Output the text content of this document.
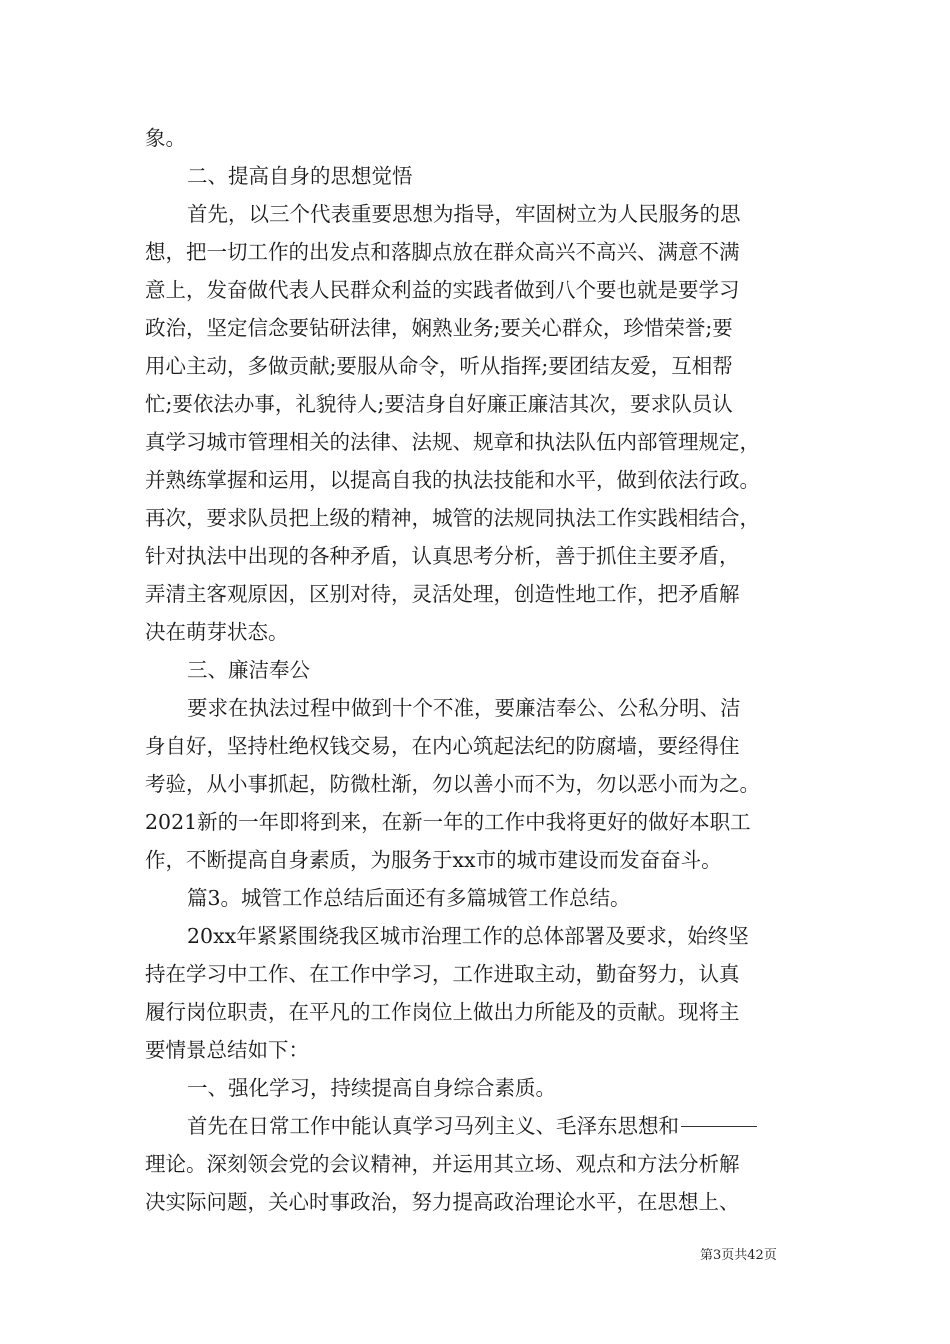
象。
二、提高自身的思想觉悟
首先，以三个代表重要思想为指导，牢固树立为人民服务的思
想，把一切工作的出发点和落脚点放在群众高兴不高兴、满意不满
意上，发奋做代表人民群众利益的实践者做到八个要也就是要学习
政治，坚定信念要钻研法律，娴熟业务;要关心群众，珍惜荣誉;要
用心主动，多做贡献;要服从命令，听从指挥;要团结友爱，互相帮
忙;要依法办事，礼貌待人;要洁身自好廉正廉洁其次，要求队员认
真学习城市管理相关的法律、法规、规章和执法队伍内部管理规定，
并熟练掌握和运用，以提高自我的执法技能和水平，做到依法行政。
再次，要求队员把上级的精神，城管的法规同执法工作实践相结合，
针对执法中出现的各种矛盾，认真思考分析，善于抓住主要矛盾，
弄清主客观原因，区别对待，灵活处理，创造性地工作，把矛盾解
决在萌芽状态。
三、廉洁奉公
要求在执法过程中做到十个不准，要廉洁奉公、公私分明、洁
身自好，坚持杜绝权钱交易，在内心筑起法纪的防腐墙，要经得住
考验，从小事抓起，防微杜渐，勿以善小而不为，勿以恶小而为之。
2021新的一年即将到来，在新一年的工作中我将更好的做好本职工
作，不断提高自身素质，为服务于xx市的城市建设而发奋奋斗。
篇3。城管工作总结后面还有多篇城管工作总结。
20xx年紧紧围绕我区城市治理工作的总体部署及要求，始终坚
持在学习中工作、在工作中学习，工作进取主动，勤奋努力，认真
履行岗位职责，在平凡的工作岗位上做出力所能及的贡献。现将主
要情景总结如下：
一、强化学习，持续提高自身综合素质。
首先在日常工作中能认真学习马列主义、毛泽东思想和
理论。深刻领会党的会议精神，并运用其立场、观点和方法分析解
决实际问题，关心时事政治，努力提高政治理论水平，在思想上、
第3页共42页
